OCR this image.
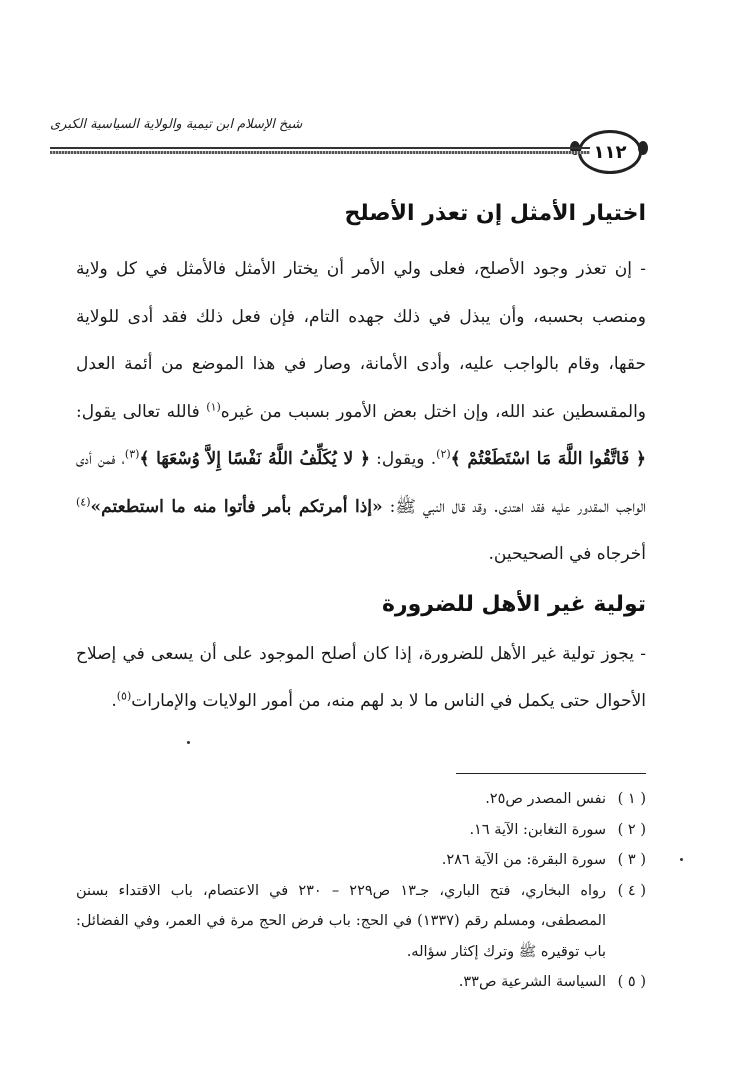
شيخ الإسلام ابن تيمية والولاية السياسية الكبرى
١١٢
اختيار الأمثل إن تعذر الأصلح

- إن تعذر وجود الأصلح، فعلى ولي الأمر أن يختار الأمثل فالأمثل في كل ولاية ومنصب بحسبه، وأن يبذل في ذلك جهده التام، فإن فعل ذلك فقد أدى للولاية حقها، وقام بالواجب عليه، وأدى الأمانة، وصار في هذا الموضع من أئمة العدل والمقسطين عند الله، وإن اختل بعض الأمور بسبب من غيره$^{(١)}$ فالله تعالى يقول: ﴿ فَاتَّقُوا اللَّهَ مَا اسْتَطَعْتُمْ ﴾$^{(٢)}$. ويقول: ﴿ لا يُكَلِّفُ اللَّهُ نَفْسًا إِلاَّ وُسْعَهَا ﴾$^{(٣)}$، فمن أدى الواجب المقدور عليه فقد اهتدى. وقد قال النبي ﷺ: «إذا أمرتكم بأمر فأتوا منه ما استطعتم»$^{(٤)}$ أخرجاه في الصحيحين.

تولية غير الأهل للضرورة

- يجوز تولية غير الأهل للضرورة، إذا كان أصلح الموجود على أن يسعى في إصلاح الأحوال حتى يكمل في الناس ما لا بد لهم منه، من أمور الولايات والإمارات$^{(٥)}$.

( ١ )
نفس المصدر ص٢٥.
( ٢ )
سورة التغابن: الآية ١٦.
( ٣ )
سورة البقرة: من الآية ٢٨٦.
( ٤ )
رواه البخاري، فتح الباري، جـ١٣ ص٢٢٩ – ٢٣٠ في الاعتصام، باب الاقتداء بسنن المصطفى، ومسلم رقم (١٣٣٧) في الحج: باب فرض الحج مرة في العمر، وفي الفضائل: باب توقيره ﷺ وترك إكثار سؤاله.
( ٥ )
السياسة الشرعية ص٣٣.
